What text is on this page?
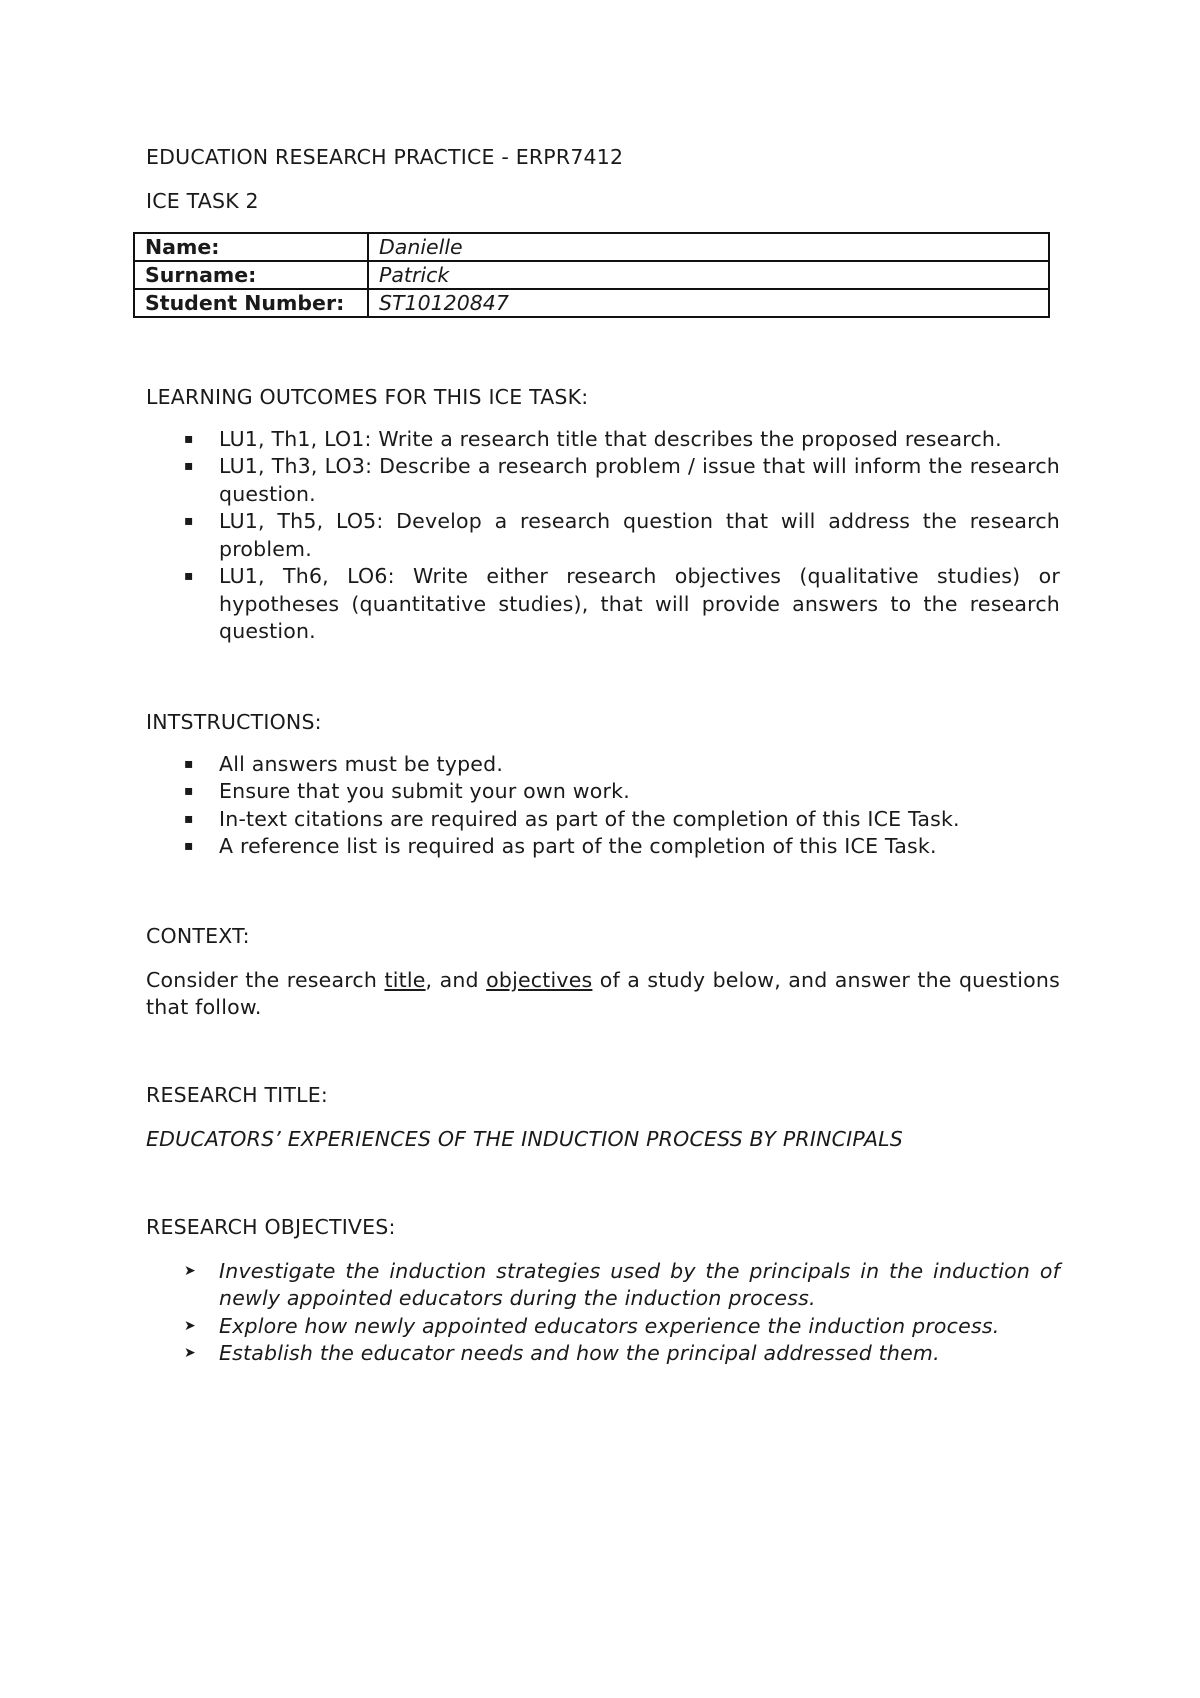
EDUCATION RESEARCH PRACTICE - ERPR7412

ICE TASK 2

Name:	Danielle
Surname:	Patrick
Student Number:	ST10120847

LEARNING OUTCOMES FOR THIS ICE TASK:

▪ LU1, Th1, LO1: Write a research title that describes the proposed research.
▪ LU1, Th3, LO3: Describe a research problem / issue that will inform the research question.
▪ LU1, Th5, LO5: Develop a research question that will address the research problem.
▪ LU1, Th6, LO6: Write either research objectives (qualitative studies) or hypotheses (quantitative studies), that will provide answers to the research question.

INTSTRUCTIONS:

▪ All answers must be typed.
▪ Ensure that you submit your own work.
▪ In-text citations are required as part of the completion of this ICE Task.
▪ A reference list is required as part of the completion of this ICE Task.

CONTEXT:

Consider the research title, and objectives of a study below, and answer the questions that follow.

RESEARCH TITLE:

EDUCATORS’ EXPERIENCES OF THE INDUCTION PROCESS BY PRINCIPALS

RESEARCH OBJECTIVES:

➤ Investigate the induction strategies used by the principals in the induction of newly appointed educators during the induction process.
➤ Explore how newly appointed educators experience the induction process.
➤ Establish the educator needs and how the principal addressed them.
